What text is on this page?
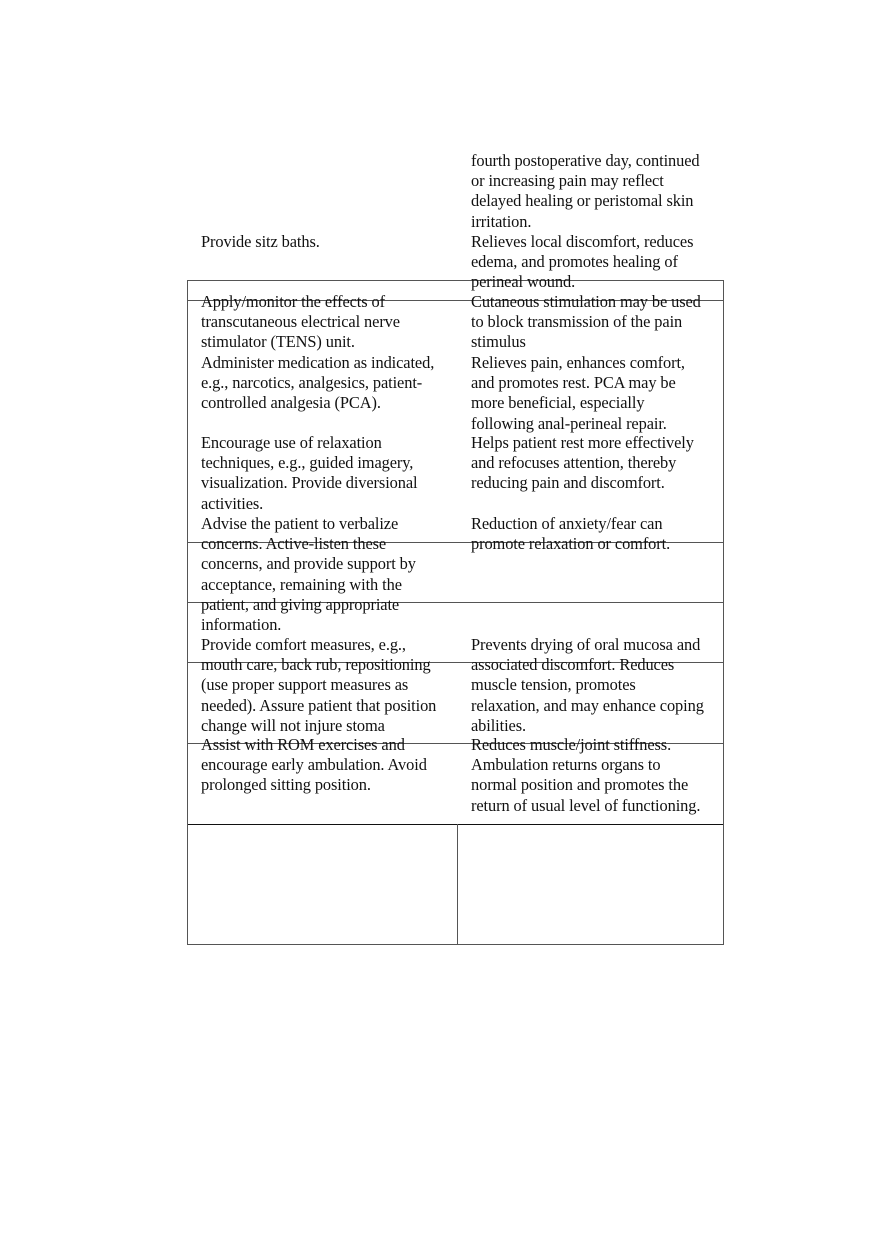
fourth postoperative day, continued
or increasing pain may reflect
delayed healing or peristomal skin
irritation.
Provide sitz baths.	Relieves local discomfort, reduces
edema, and promotes healing of
perineal wound.
Apply/monitor the effects of
transcutaneous electrical nerve
stimulator (TENS) unit.
Cutaneous stimulation may be used
to block transmission of the pain
stimulus
Administer medication as indicated,
e.g., narcotics, analgesics, patient-
controlled analgesia (PCA).
Relieves pain, enhances comfort,
and promotes rest. PCA may be
more beneficial, especially
following anal-perineal repair.
Encourage use of relaxation
techniques, e.g., guided imagery,
visualization. Provide diversional
activities.
Helps patient rest more effectively
and refocuses attention, thereby
reducing pain and discomfort.
Advise the patient to verbalize
concerns. Active-listen these
concerns, and provide support by
acceptance, remaining with the
patient, and giving appropriate
information.
Reduction of anxiety/fear can
promote relaxation or comfort.
Provide comfort measures, e.g.,
mouth care, back rub, repositioning
(use proper support measures as
needed). Assure patient that position
change will not injure stoma
Prevents drying of oral mucosa and
associated discomfort. Reduces
muscle tension, promotes
relaxation, and may enhance coping
abilities.
Assist with ROM exercises and
encourage early ambulation. Avoid
prolonged sitting position.
Reduces muscle/joint stiffness.
Ambulation returns organs to
normal position and promotes the
return of usual level of functioning.
